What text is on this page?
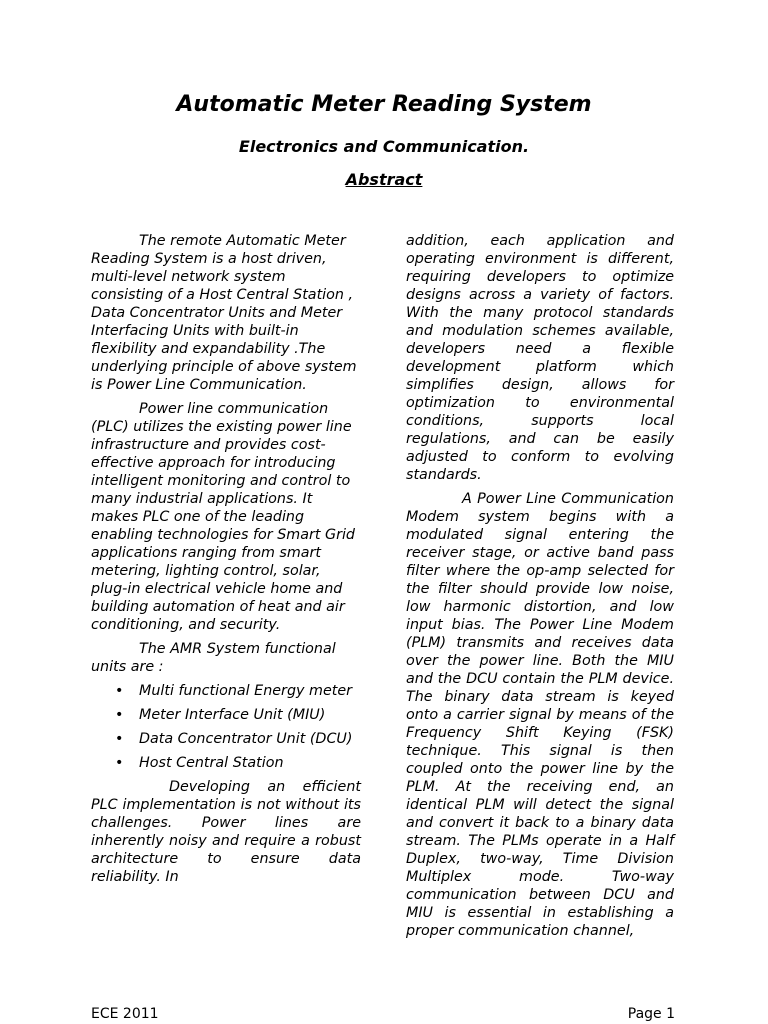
Automatic Meter Reading System
Electronics and Communication.
Abstract

The remote Automatic Meter Reading System is a host driven, multi-level network system consisting of a Host Central Station , Data Concentrator Units and Meter Interfacing Units with built-in flexibility and expandability .The underlying principle of above system is Power Line Communication.

Power line communication (PLC) utilizes the existing power line infrastructure and provides cost-effective approach for introducing intelligent monitoring and control to many industrial applications. It makes PLC one of the leading enabling technologies for Smart Grid applications ranging from smart metering, lighting control, solar, plug-in electrical vehicle home and building automation of heat and air conditioning, and security.

The AMR System functional units are :

• Multi functional Energy meter
• Meter Interface Unit (MIU)
• Data Concentrator Unit (DCU)
• Host Central Station

Developing an efficient PLC implementation is not without its challenges. Power lines are inherently noisy and require a robust architecture to ensure data reliability. In

addition, each application and operating environment is different, requiring developers to optimize designs across a variety of factors. With the many protocol standards and modulation schemes available, developers need a flexible development platform which simplifies design, allows for optimization to environmental conditions, supports local regulations, and can be easily adjusted to conform to evolving standards.

A Power Line Communication Modem system begins with a modulated signal entering the receiver stage, or active band pass filter where the op-amp selected for the filter should provide low noise, low harmonic distortion, and low input bias. The Power Line Modem (PLM) transmits and receives data over the power line. Both the MIU and the DCU contain the PLM device. The binary data stream is keyed onto a carrier signal by means of the Frequency Shift Keying (FSK) technique. This signal is then coupled onto the power line by the PLM. At the receiving end, an identical PLM will detect the signal and convert it back to a binary data stream. The PLMs operate in a Half Duplex, two-way, Time Division Multiplex mode. Two-way communication between DCU and MIU is essential in establishing a proper communication channel,

ECE 2011	Page 1
